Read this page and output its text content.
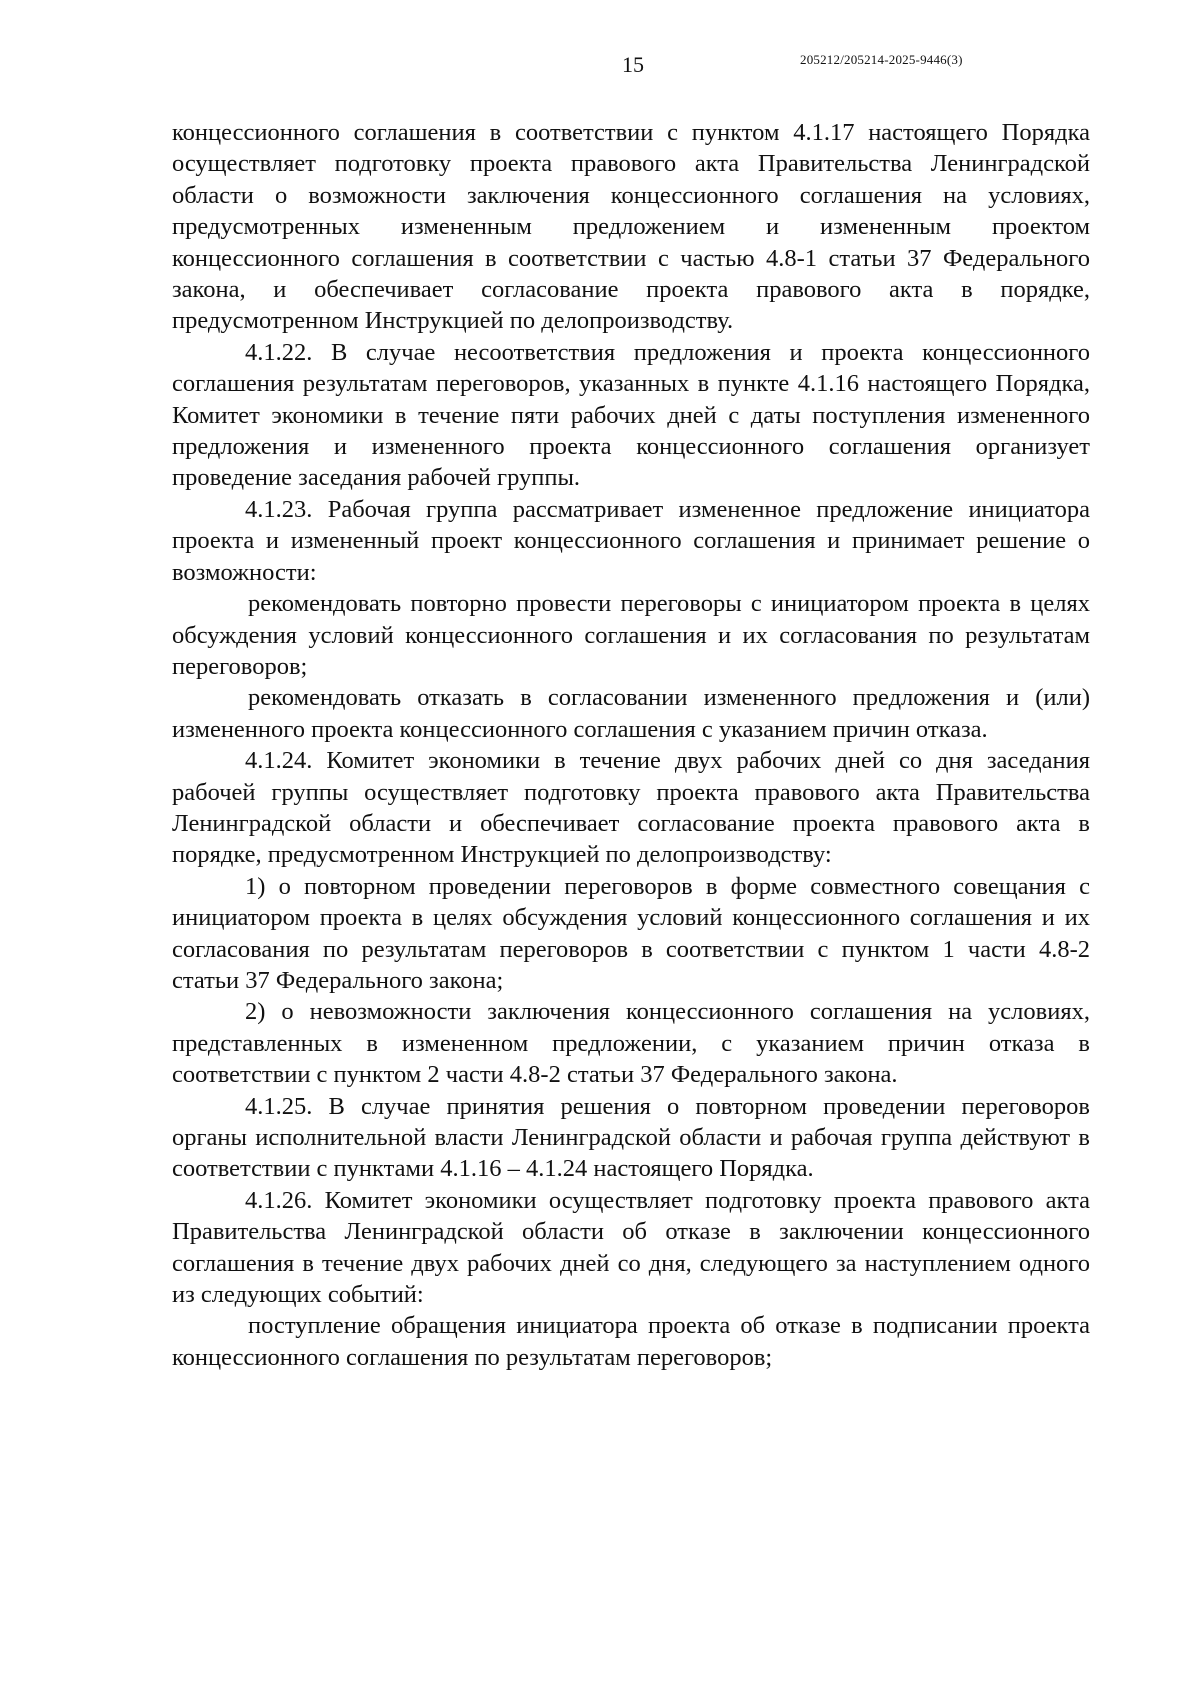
15	205212/205214-2025-9446(3)

концессионного соглашения в соответствии с пунктом 4.1.17 настоящего Порядка осуществляет подготовку проекта правового акта Правительства Ленинградской области о возможности заключения концессионного соглашения на условиях, предусмотренных измененным предложением и измененным проектом концессионного соглашения в соответствии с частью 4.8-1 статьи 37 Федерального закона, и обеспечивает согласование проекта правового акта в порядке, предусмотренном Инструкцией по делопроизводству.

4.1.22. В случае несоответствия предложения и проекта концессионного соглашения результатам переговоров, указанных в пункте 4.1.16 настоящего Порядка, Комитет экономики в течение пяти рабочих дней с даты поступления измененного предложения и измененного проекта концессионного соглашения организует проведение заседания рабочей группы.

4.1.23. Рабочая группа рассматривает измененное предложение инициатора проекта и измененный проект концессионного соглашения и принимает решение о возможности:

рекомендовать повторно провести переговоры с инициатором проекта в целях обсуждения условий концессионного соглашения и их согласования по результатам переговоров;

рекомендовать отказать в согласовании измененного предложения и (или) измененного проекта концессионного соглашения с указанием причин отказа.

4.1.24. Комитет экономики в течение двух рабочих дней со дня заседания рабочей группы осуществляет подготовку проекта правового акта Правительства Ленинградской области и обеспечивает согласование проекта правового акта в порядке, предусмотренном Инструкцией по делопроизводству:

1) о повторном проведении переговоров в форме совместного совещания с инициатором проекта в целях обсуждения условий концессионного соглашения и их согласования по результатам переговоров в соответствии с пунктом 1 части 4.8-2 статьи 37 Федерального закона;

2) о невозможности заключения концессионного соглашения на условиях, представленных в измененном предложении, с указанием причин отказа в соответствии с пунктом 2 части 4.8-2 статьи 37 Федерального закона.

4.1.25. В случае принятия решения о повторном проведении переговоров органы исполнительной власти Ленинградской области и рабочая группа действуют в соответствии с пунктами 4.1.16 – 4.1.24 настоящего Порядка.

4.1.26. Комитет экономики осуществляет подготовку проекта правового акта Правительства Ленинградской области об отказе в заключении концессионного соглашения в течение двух рабочих дней со дня, следующего за наступлением одного из следующих событий:

поступление обращения инициатора проекта об отказе в подписании проекта концессионного соглашения по результатам переговоров;
